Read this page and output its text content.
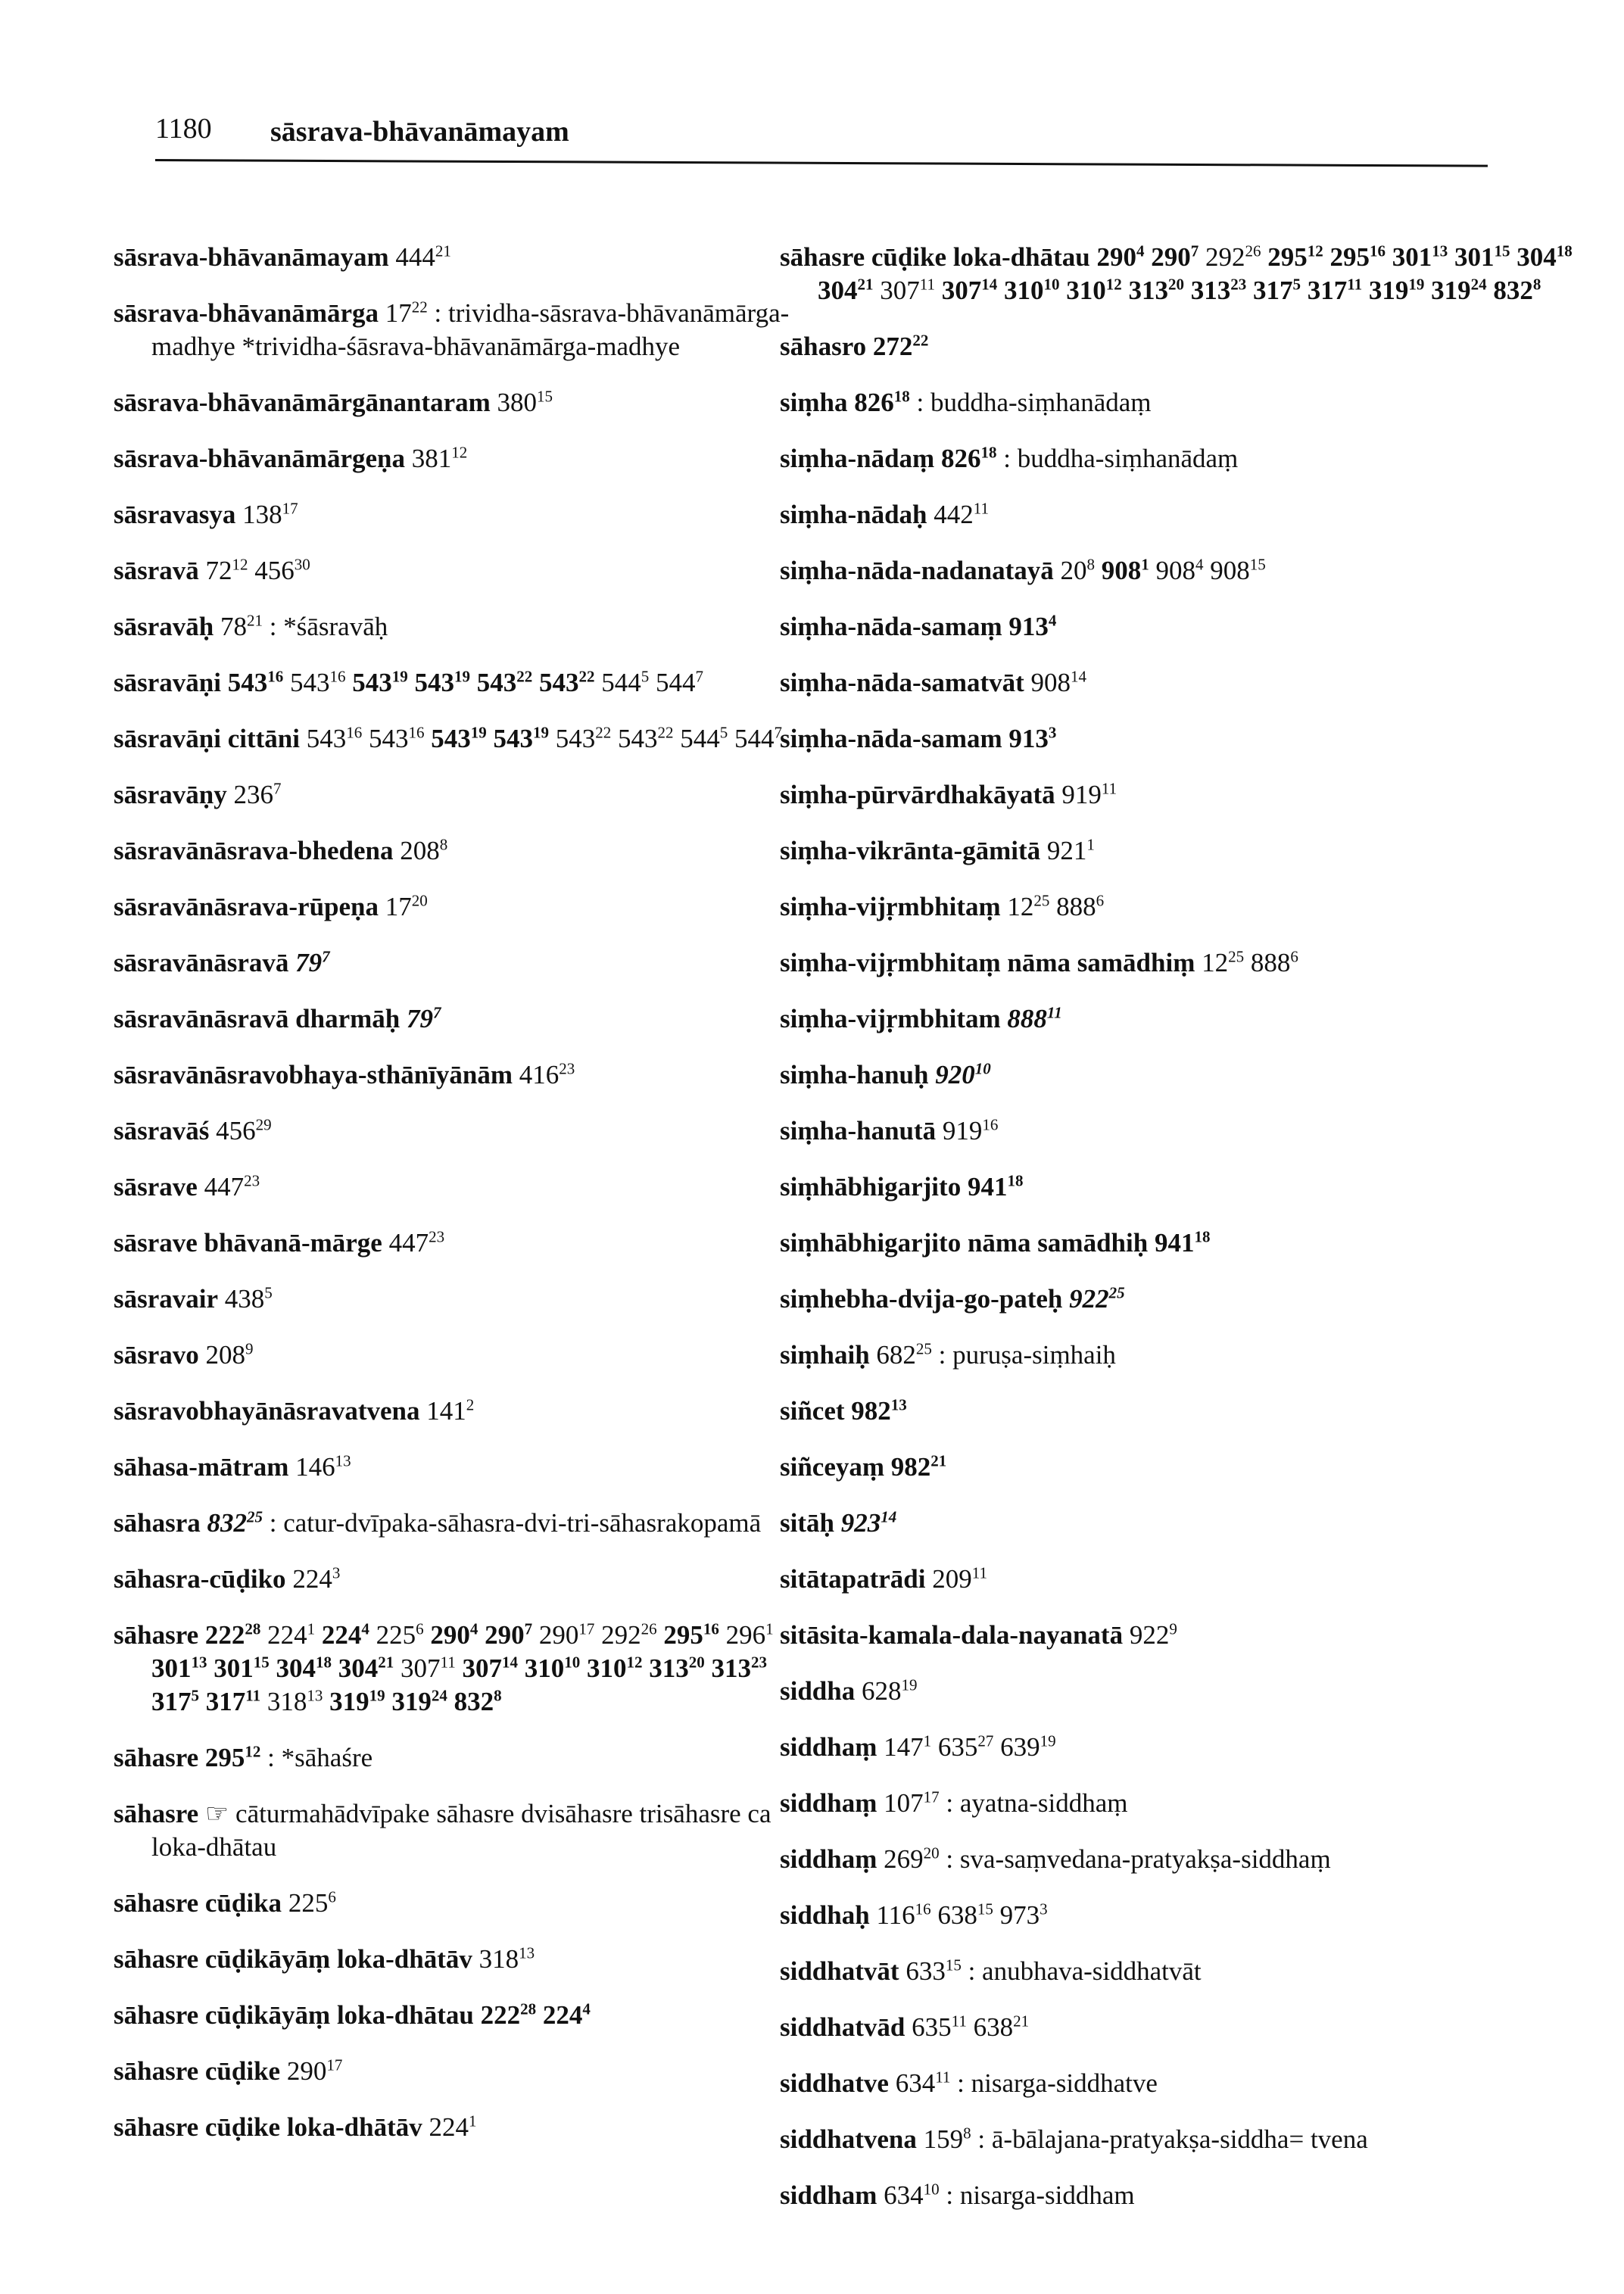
1180 sāsrava-bhāvanāmayam

sāsrava-bhāvanāmayam $444^{21}$

sāsrava-bhāvanāmārga $17^{22}$ : trividha-sāsrava-bhāvanāmārga-madhye *trividha-śāsrava-bhāvanāmārga-madhye

sāsrava-bhāvanāmārgānantaram $380^{15}$

sāsrava-bhāvanāmārgeṇa $381^{12}$

sāsravasya $138^{17}$

sāsravā $72^{12}$ $456^{30}$

sāsravāḥ $78^{21}$ : *śāsravāḥ

sāsravāṇi $543^{16}$ $543^{16}$ $543^{19}$ $543^{19}$ $543^{22}$ $543^{22}$ $544^5$ $544^7$

sāsravāṇi cittāni $543^{16}$ $543^{16}$ $543^{19}$ $543^{19}$ $543^{22}$ $543^{22}$ $544^5$ $544^7$

sāsravāṇy $236^7$

sāsravānāsrava-bhedena $208^8$

sāsravānāsrava-rūpeṇa $17^{20}$

sāsravānāsravā $79^7$

sāsravānāsravā dharmāḥ $79^7$

sāsravānāsravobhaya-sthānīyānām $416^{23}$

sāsravāś $456^{29}$

sāsrave $447^{23}$

sāsrave bhāvanā-mārge $447^{23}$

sāsravair $438^5$

sāsravo $208^9$

sāsravobhayānāsravatvena $141^2$

sāhasa-mātram $146^{13}$

sāhasra $832^{25}$ : catur-dvīpaka-sāhasra-dvi-tri-sāhasrakopamā

sāhasra-cūḍiko $224^3$

sāhasre $222^{28}$ $224^1$ $224^4$ $225^6$ $290^4$ $290^7$ $290^{17}$ $292^{26}$ $295^{16}$ $296^1$ $301^{13}$ $301^{15}$ $304^{18}$ $304^{21}$ $307^{11}$ $307^{14}$ $310^{10}$ $310^{12}$ $313^{20}$ $313^{23}$ $317^5$ $317^{11}$ $318^{13}$ $319^{19}$ $319^{24}$ $832^8$

sāhasre $295^{12}$ : *sāhaśre

sāhasre ☞ cāturmahādvīpake sāhasre dvisāhasre trisāhasre ca loka-dhātau

sāhasre cūḍika $225^6$

sāhasre cūḍikāyāṃ loka-dhātāv $318^{13}$

sāhasre cūḍikāyāṃ loka-dhātau $222^{28}$ $224^4$

sāhasre cūḍike $290^{17}$

sāhasre cūḍike loka-dhātāv $224^1$

sāhasre cūḍike loka-dhātau $290^4$ $290^7$ $292^{26}$ $295^{12}$ $295^{16}$ $301^{13}$ $301^{15}$ $304^{18}$ $304^{21}$ $307^{11}$ $307^{14}$ $310^{10}$ $310^{12}$ $313^{20}$ $313^{23}$ $317^5$ $317^{11}$ $319^{19}$ $319^{24}$ $832^8$

sāhasro $272^{22}$

siṃha $826^{18}$ : buddha-siṃhanādaṃ

siṃha-nādaṃ $826^{18}$ : buddha-siṃhanādaṃ

siṃha-nādaḥ $442^{11}$

siṃha-nāda-nadanatayā $20^8$ $908^1$ $908^4$ $908^{15}$

siṃha-nāda-samaṃ $913^4$

siṃha-nāda-samatvāt $908^{14}$

siṃha-nāda-samam $913^3$

siṃha-pūrvārdhakāyatā $919^{11}$

siṃha-vikrānta-gāmitā $921^1$

siṃha-vijṛmbhitaṃ $12^{25}$ $888^6$

siṃha-vijṛmbhitaṃ nāma samādhiṃ $12^{25}$ $888^6$

siṃha-vijṛmbhitam $888^{11}$

siṃha-hanuḥ $920^{10}$

siṃha-hanutā $919^{16}$

siṃhābhigarjito $941^{18}$

siṃhābhigarjito nāma samādhiḥ $941^{18}$

siṃhebha-dvija-go-pateḥ $922^{25}$

siṃhaiḥ $682^{25}$ : puruṣa-siṃhaiḥ

siñcet $982^{13}$

siñceyaṃ $982^{21}$

sitāḥ $923^{14}$

sitātapatrādi $209^{11}$

sitāsita-kamala-dala-nayanatā $922^9$

siddha $628^{19}$

siddhaṃ $147^1$ $635^{27}$ $639^{19}$

siddhaṃ $107^{17}$ : ayatna-siddhaṃ

siddhaṃ $269^{20}$ : sva-saṃvedana-pratyakṣa-siddhaṃ

siddhaḥ $116^{16}$ $638^{15}$ $973^3$

siddhatvāt $633^{15}$ : anubhava-siddhatvāt

siddhatvād $635^{11}$ $638^{21}$

siddhatve $634^{11}$ : nisarga-siddhatve

siddhatvena $159^8$ : ā-bālajana-pratyakṣa-siddha= tvena

siddham $634^{10}$ : nisarga-siddham
